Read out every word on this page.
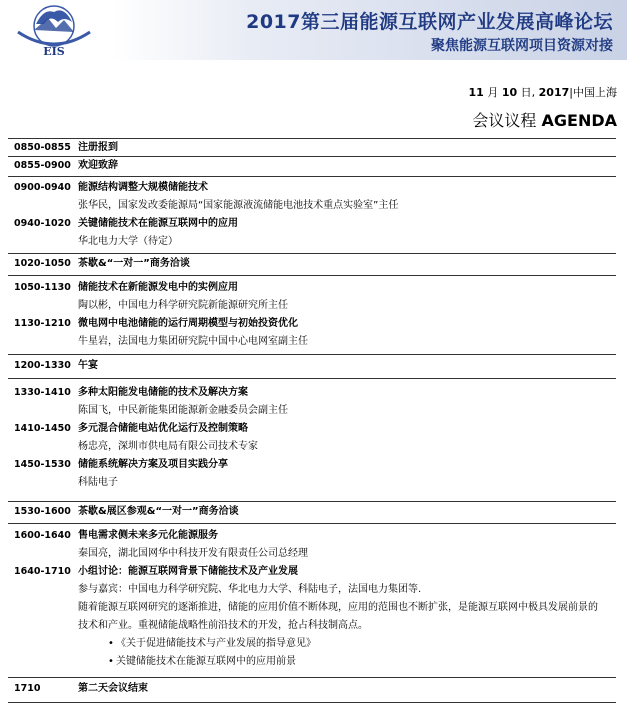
EIS
2017第三届能源互联网产业发展高峰论坛
聚焦能源互联网项目资源对接
11 月 10 日, 2017|中国上海
会议议程 AGENDA
0850-0855 注册报到
0855-0900 欢迎致辞
0900-0940 能源结构调整大规模储能技术
张华民，国家发改委能源局“国家能源液流储能电池技术重点实验室”主任
0940-1020 关键储能技术在能源互联网中的应用
华北电力大学（待定）
1020-1050 茶歇&“一对一”商务洽谈
1050-1130 储能技术在新能源发电中的实例应用
陶以彬，中国电力科学研究院新能源研究所主任
1130-1210 微电网中电池储能的运行周期模型与初始投资优化
牛星岩，法国电力集团研究院中国中心电网室副主任
1200-1330 午宴
1330-1410 多种太阳能发电储能的技术及解决方案
陈国飞，中民新能集团能源新金融委员会副主任
1410-1450 多元混合储能电站优化运行及控制策略
杨忠亮，深圳市供电局有限公司技术专家
1450-1530 储能系统解决方案及项目实践分享
科陆电子
1530-1600 茶歇&展区参观&“一对一”商务洽谈
1600-1640 售电需求侧未来多元化能源服务
秦国亮，湖北国网华中科技开发有限责任公司总经理
1640-1710 小组讨论：能源互联网背景下储能技术及产业发展
参与嘉宾：中国电力科学研究院、华北电力大学、科陆电子，法国电力集团等.
随着能源互联网研究的逐渐推进，储能的应用价值不断体现，应用的范围也不断扩张，是能源互联网中极具发展前景的
技术和产业。重视储能战略性前沿技术的开发，抢占科技制高点。
• 《关于促进储能技术与产业发展的指导意见》
• 关键储能技术在能源互联网中的应用前景
1710	第二天会议结束
